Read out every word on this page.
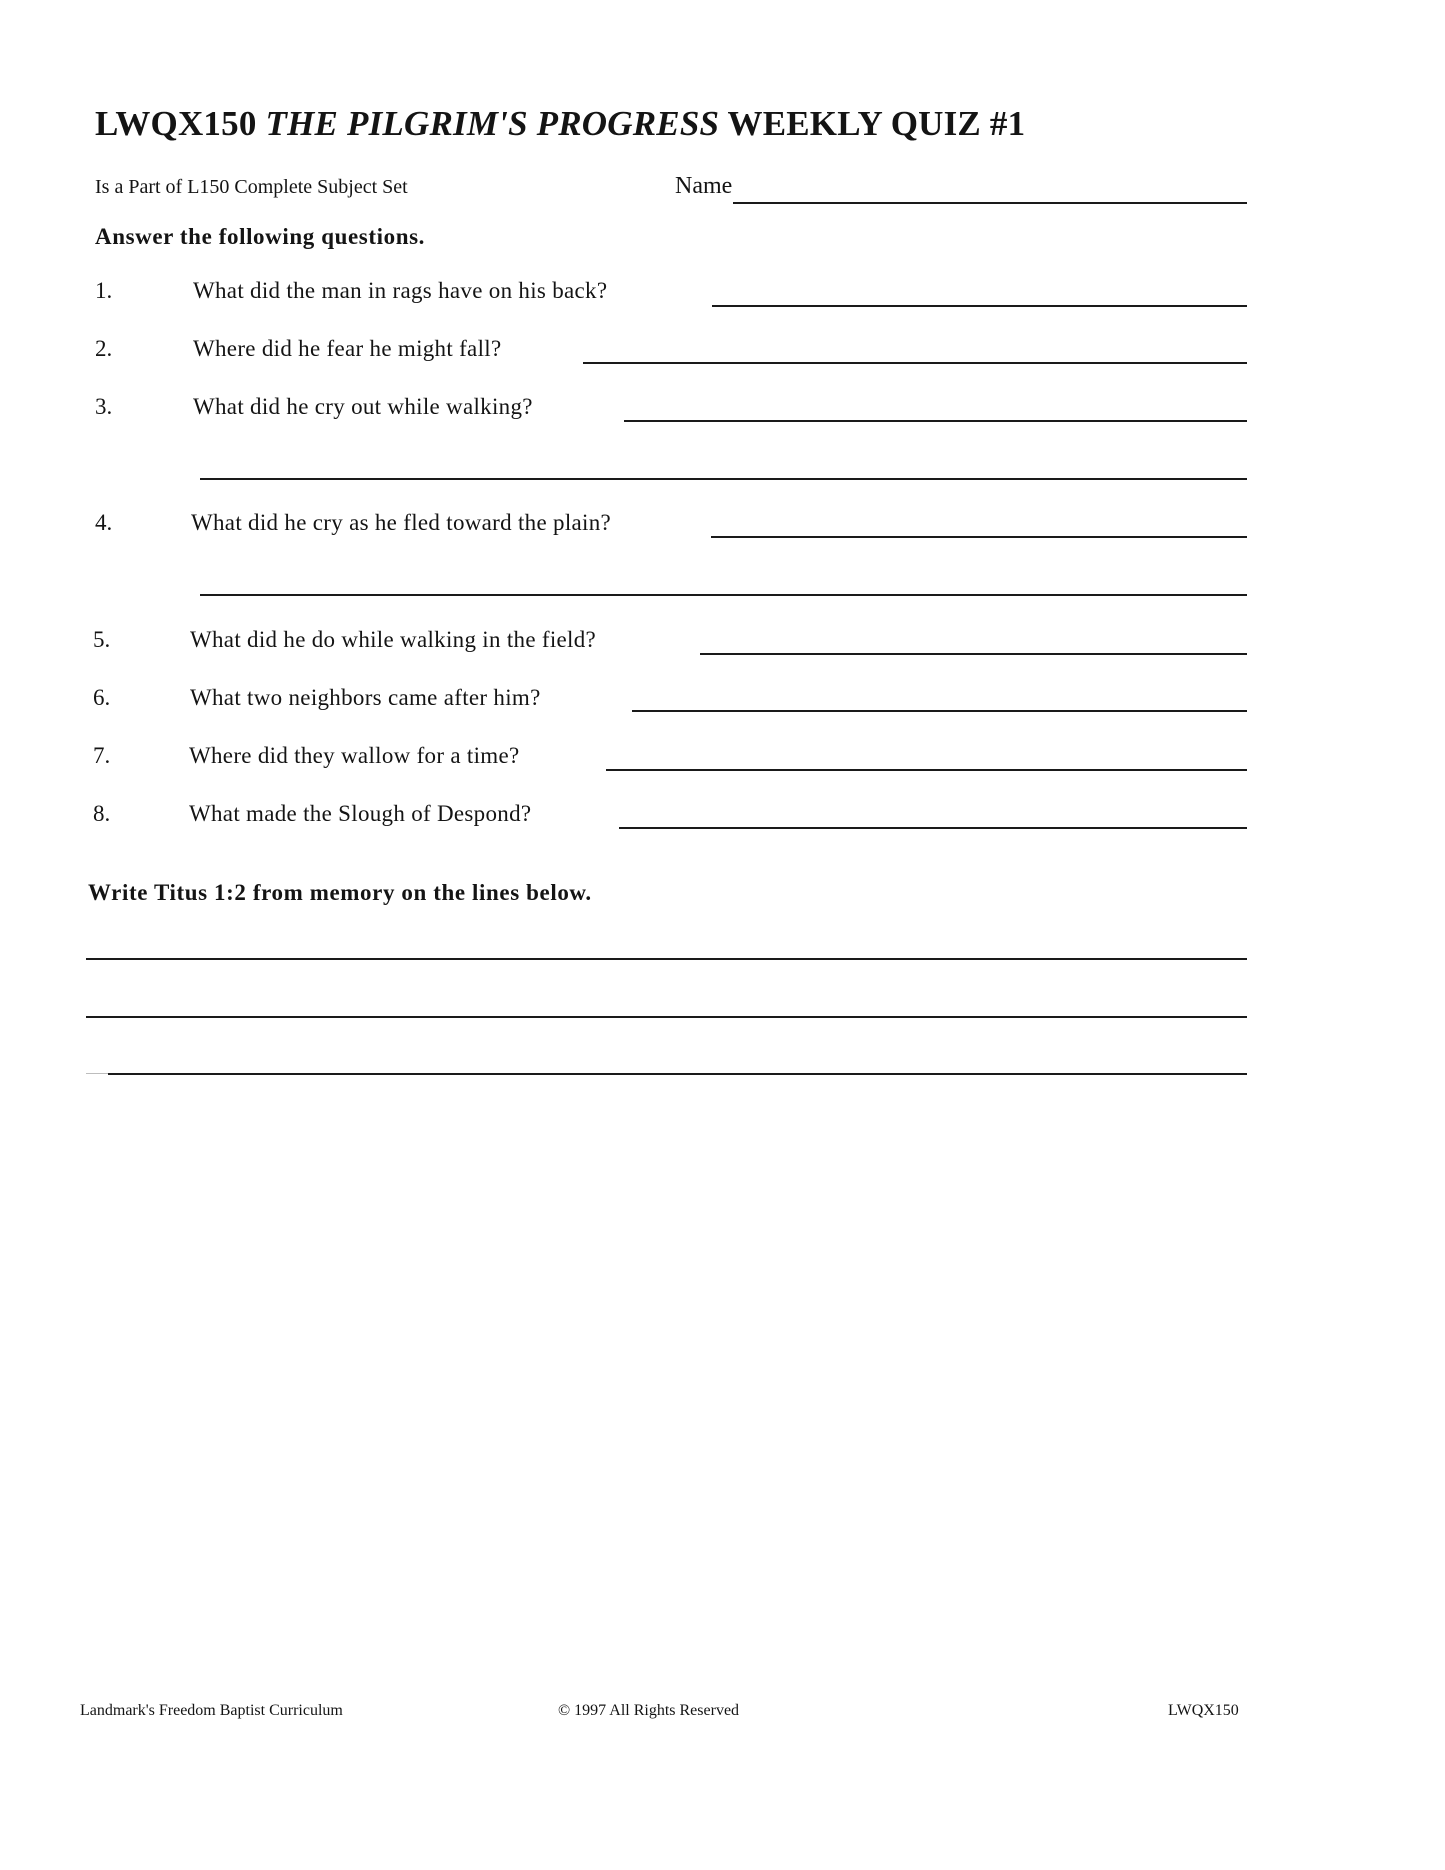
LWQX150 THE PILGRIM'S PROGRESS WEEKLY QUIZ #1
Is a Part of L150 Complete Subject Set	Name
Answer the following questions.
1.	What did the man in rags have on his back?
2.	Where did he fear he might fall?
3.	What did he cry out while walking?
4.	What did he cry as he fled toward the plain?
5.	What did he do while walking in the field?
6.	What two neighbors came after him?
7.	Where did they wallow for a time?
8.	What made the Slough of Despond?
Write Titus 1:2 from memory on the lines below.
Landmark's Freedom Baptist Curriculum	© 1997 All Rights Reserved	LWQX150
